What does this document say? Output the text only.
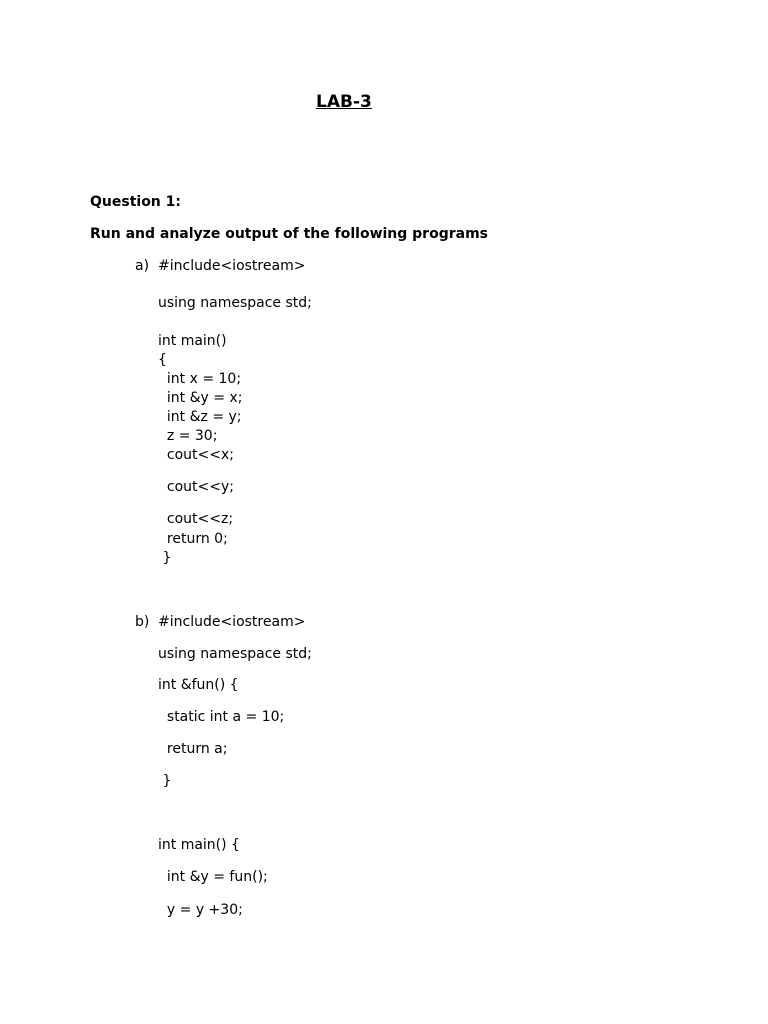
LAB-3
Question 1:
Run and analyze output of the following programs
a) #include<iostream>
using namespace std;
int main()
{
int x = 10;
int &y = x;
int &z = y;
z = 30;
cout<<x;
cout<<y;
cout<<z;
return 0;
}
b) #include<iostream>
using namespace std;
int &fun() {
static int a = 10;
return a;
}
int main() {
int &y = fun();
y = y +30;
